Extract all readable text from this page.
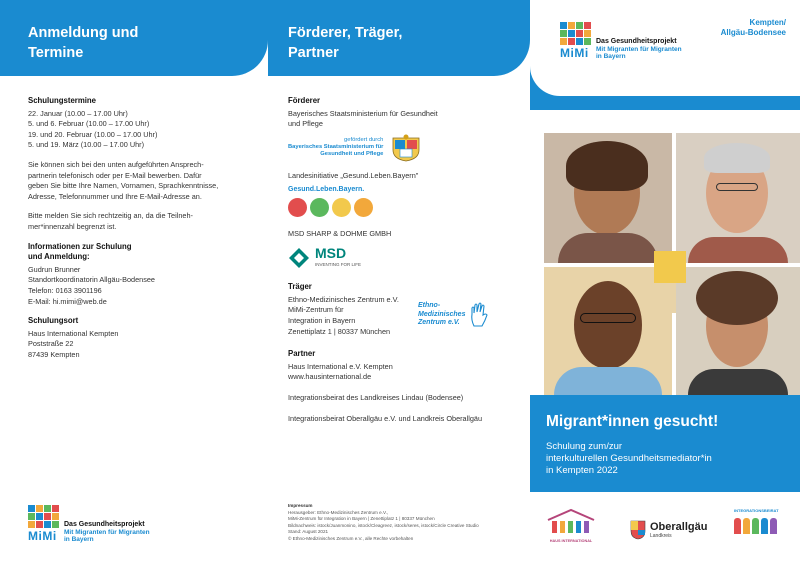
Anmeldung und
Termine
Schulungstermine
22. Januar (10.00 – 17.00 Uhr)
5. und 6. Februar (10.00 – 17.00 Uhr)
19. und 20. Februar (10.00 – 17.00 Uhr)
5. und 19. März (10.00 – 17.00 Uhr)
Sie können sich bei den unten aufgeführten Ansprech-
partnerin telefonisch oder per E-Mail bewerben. Dafür
geben Sie bitte Ihre Namen, Vornamen, Sprachkenntnisse,
Adresse, Telefonnummer und Ihre E-Mail-Adresse an.
Bitte melden Sie sich rechtzeitig an, da die Teilneh-
mer*innenzahl begrenzt ist.
Informationen zur Schulung
und Anmeldung:
Gudrun Brunner
Standortkoordinatorin Allgäu-Bodensee
Telefon: 0163 3901196
E-Mail: hi.mimi@web.de
Schulungsort
Haus International Kempten
Poststraße 22
87439 Kempten
MiMi
Das Gesundheitsprojekt
Mit Migranten für Migranten
in Bayern
Förderer, Träger,
Partner
Förderer
Bayerisches Staatsministerium für Gesundheit
und Pflege
gefördert durch
Bayerisches Staatsministerium für
Gesundheit und Pflege
Landesinitiative „Gesund.Leben.Bayern"
Gesund.Leben.Bayern.
MSD SHARP & DOHME GMBH
MSD
INVENTING FOR LIFE
Träger
Ethno-Medizinisches Zentrum e.V.
MiMi-Zentrum für
Integration in Bayern
Zenettiplatz 1 | 80337 München
Ethno-
Medizinisches
Zentrum e.V.
Partner
Haus International e.V. Kempten
www.hausinternational.de
Integrationsbeirat des Landkreises Lindau (Bodensee)
Integrationsbeirat Oberallgäu e.V. und Landkreis Oberallgäu
Impressum
Herausgeber: Ethno-Medizinisches Zentrum e.V.,
MiMi-Zentrum für Integration in Bayern | Zenettiplatz 1 | 80337 München
Bildnachweis: istock/Juanmonino, istock/Cleagreez, istock/seres, istock/Circle Creative Studio
Stand: August 2021
© Ethno-Medizinisches Zentrum e.V., alle Rechte vorbehalten
MiMi
Das Gesundheitsprojekt
Mit Migranten für Migranten
in Bayern
Kempten/
Allgäu-Bodensee
Migrant*innen gesucht!
Schulung zum/zur
interkulturellen Gesundheitsmediator*in
in Kempten 2022
HAUS INTERNATIONAL
Oberallgäu
Landkreis
INTEGRATIONSBEIRAT
